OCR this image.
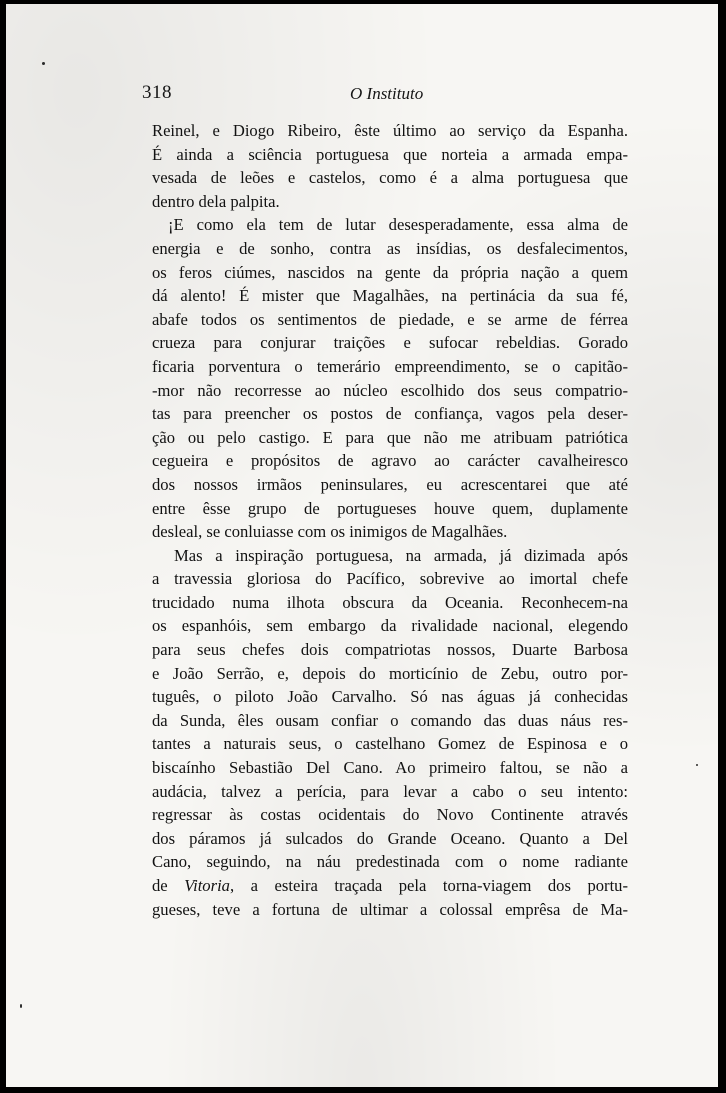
318	O Instituto
Reinel, e Diogo Ribeiro, êste último ao serviço da Espanha.
É ainda a sciência portuguesa que norteia a armada empa-
vesada de leões e castelos, como é a alma portuguesa que
dentro dela palpita.
¡E como ela tem de lutar desesperadamente, essa alma de
energia e de sonho, contra as insídias, os desfalecimentos,
os feros ciúmes, nascidos na gente da própria nação a quem
dá alento! É mister que Magalhães, na pertinácia da sua fé,
abafe todos os sentimentos de piedade, e se arme de férrea
crueza para conjurar traições e sufocar rebeldias. Gorado
ficaria porventura o temerário empreendimento, se o capitão-
-mor não recorresse ao núcleo escolhido dos seus compatrio-
tas para preencher os postos de confiança, vagos pela deser-
ção ou pelo castigo. E para que não me atribuam patriótica
cegueira e propósitos de agravo ao carácter cavalheiresco
dos nossos irmãos peninsulares, eu acrescentarei que até
entre êsse grupo de portugueses houve quem, duplamente
desleal, se conluiasse com os inimigos de Magalhães.
Mas a inspiração portuguesa, na armada, já dizimada após
a travessia gloriosa do Pacífico, sobrevive ao imortal chefe
trucidado numa ilhota obscura da Oceania. Reconhecem-na
os espanhóis, sem embargo da rivalidade nacional, elegendo
para seus chefes dois compatriotas nossos, Duarte Barbosa
e João Serrão, e, depois do morticínio de Zebu, outro por-
tuguês, o piloto João Carvalho. Só nas águas já conhecidas
da Sunda, êles ousam confiar o comando das duas náus res-
tantes a naturais seus, o castelhano Gomez de Espinosa e o
biscaínho Sebastião Del Cano. Ao primeiro faltou, se não a
audácia, talvez a perícia, para levar a cabo o seu intento:
regressar às costas ocidentais do Novo Continente através
dos páramos já sulcados do Grande Oceano. Quanto a Del
Cano, seguindo, na náu predestinada com o nome radiante
de Vitoria, a esteira traçada pela torna-viagem dos portu-
gueses, teve a fortuna de ultimar a colossal emprêsa de Ma-
